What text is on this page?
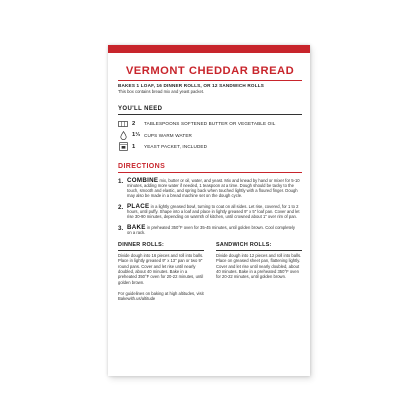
VERMONT CHEDDAR BREAD
BAKES 1 LOAF, 16 DINNER ROLLS, OR 12 SANDWICH ROLLS
This box contains bread mix and yeast packet.
YOU'LL NEED
2	TABLESPOONS SOFTENED BUTTER OR VEGETABLE OIL
1⅓ CUPS WARM WATER
1	YEAST PACKET, INCLUDED
DIRECTIONS
1. COMBINE mix, butter or oil, water, and yeast. Mix and knead by hand or mixer for 5-10 minutes, adding more water if needed, 1 teaspoon at a time. Dough should be tacky to the touch, smooth and elastic, and spring back when touched lightly with a floured finger. Dough may also be made in a bread machine set on the dough cycle.
2. PLACE in a lightly greased bowl, turning to coat on all sides. Let rise, covered, for 1 to 2 hours, until puffy. Shape into a loaf and place in lightly greased 9" x 5" loaf pan. Cover and let rise 30-90 minutes, depending on warmth of kitchen, until crowned about 1" over rim of pan.
3. BAKE in preheated 350°F oven for 35-45 minutes, until golden brown. Cool completely on a rack.
DINNER ROLLS:
Divide dough into 16 pieces and roll into balls. Place in lightly greased 9" x 13" pan or two 9" round pans. Cover and let rise until nearly doubled, about 40 minutes. Bake in a preheated 350°F oven for 20-22 minutes, until golden brown.
For guidelines on baking at high altitudes, visit Bakewith.us/altitude
SANDWICH ROLLS:
Divide dough into 12 pieces and roll into balls. Place on greased sheet pan, flattening lightly. Cover and let rise until nearly doubled, about 40 minutes. Bake in a preheated 350°F oven for 20-22 minutes, until golden brown.
